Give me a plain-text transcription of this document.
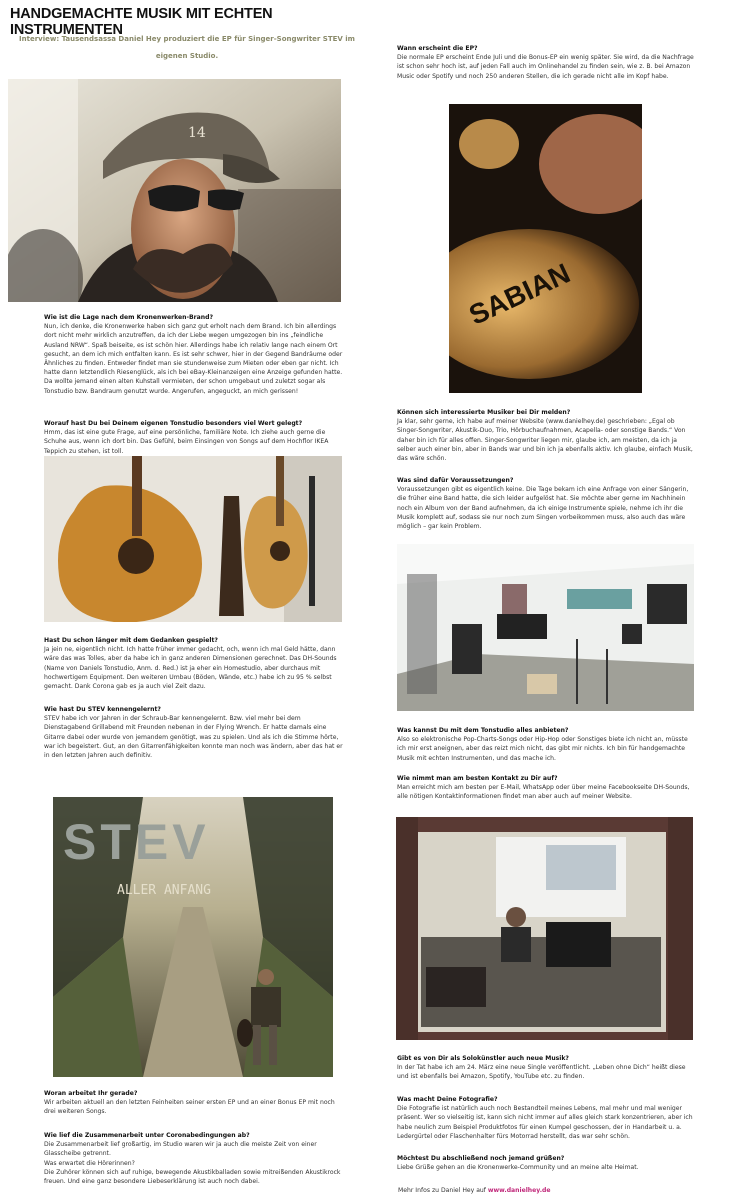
HANDGEMACHTE MUSIK MIT ECHTEN INSTRUMENTEN
Interview: Tausendsassa Daniel Hey produziert die EP für Singer-Songwriter STEV im
eigenen Studio.
14
STEV
ALLER ANFANG
SABIAN
Wie ist die Lage nach dem Kronenwerken-Brand?

Nun, ich denke, die Kronenwerke haben sich ganz gut erholt nach dem Brand. Ich bin allerdings dort nicht mehr wirklich anzutreffen, da ich der Liebe wegen umgezogen bin ins „feindliche Ausland NRW“. Spaß beiseite, es ist schön hier. Allerdings habe ich relativ lange nach einem Ort gesucht, an dem ich mich entfalten kann. Es ist sehr schwer, hier in der Gegend Bandräume oder Ähnliches zu finden. Entweder findet man sie stundenweise zum Mieten oder eben gar nicht. Ich hatte dann letztendlich Riesenglück, als ich bei eBay-Kleinanzeigen eine Anzeige gefunden hatte. Da wollte jemand einen alten Kuhstall vermieten, der schon umgebaut und zuletzt sogar als Tonstudio bzw. Bandraum genutzt wurde. Angerufen, angeguckt, an mich gerissen!

Worauf hast Du bei Deinem eigenen Tonstudio besonders viel Wert gelegt?

Hmm, das ist eine gute Frage, auf eine persönliche, familiäre Note. Ich ziehe auch gerne die Schuhe aus, wenn ich dort bin. Das Gefühl, beim Einsingen von Songs auf dem Hochflor IKEA Teppich zu stehen, ist toll.

Hast Du schon länger mit dem Gedanken gespielt?

Ja jein ne, eigentlich nicht. Ich hatte früher immer gedacht, och, wenn ich mal Geld hätte, dann wäre das was Tolles, aber da habe ich in ganz anderen Dimensionen gerechnet. Das DH-Sounds (Name von Daniels Tonstudio, Anm. d. Red.) ist ja eher ein Homestudio, aber durchaus mit hochwertigem Equipment. Den weiteren Umbau (Böden, Wände, etc.) habe ich zu 95 % selbst gemacht. Dank Corona gab es ja auch viel Zeit dazu.

Wie hast Du STEV kennengelernt?

STEV habe ich vor Jahren in der Schraub-Bar kennengelernt. Bzw. viel mehr bei dem Dienstagabend Grillabend mit Freunden nebenan in der Flying Wrench. Er hatte damals eine Gitarre dabei oder wurde von jemandem genötigt, was zu spielen. Und als ich die Stimme hörte, war ich begeistert. Gut, an den Gitarrenfähigkeiten konnte man noch was ändern, aber das hat er in den letzten Jahren auch definitiv.

Woran arbeitet Ihr gerade?

Wir arbeiten aktuell an den letzten Feinheiten seiner ersten EP und an einer Bonus EP mit noch drei weiteren Songs.

Wie lief die Zusammenarbeit unter Coronabedingungen ab?

Die Zusammenarbeit lief großartig, im Studio waren wir ja auch die meiste Zeit von einer Glasscheibe getrennt.

Was erwartet die Hörerinnen?

Die Zuhörer können sich auf ruhige, bewegende Akustikballaden sowie mitreißenden Akustikrock freuen. Und eine ganz besondere Liebeserklärung ist auch noch dabei.

Wann erscheint die EP?

Die normale EP erscheint Ende Juli und die Bonus-EP ein wenig später. Sie wird, da die Nachfrage ist schon sehr hoch ist, auf jeden Fall auch im Onlinehandel zu finden sein, wie z. B. bei Amazon Music oder Spotify und noch 250 anderen Stellen, die ich gerade nicht alle im Kopf habe.

Können sich interessierte Musiker bei Dir melden?

Ja klar, sehr gerne, ich habe auf meiner Website (www.danielhey.de) geschrieben: „Egal ob Singer-Songwriter, Akustik-Duo, Trio, Hörbuchaufnahmen, Acapella- oder sonstige Bands.“ Von daher bin ich für alles offen. Singer-Songwriter liegen mir, glaube ich, am meisten, da ich ja selber auch einer bin, aber in Bands war und bin ich ja ebenfalls aktiv. Ich glaube, einfach Musik, das wäre schön.

Was sind dafür Voraussetzungen?

Voraussetzungen gibt es eigentlich keine. Die Tage bekam ich eine Anfrage von einer Sängerin, die früher eine Band hatte, die sich leider aufgelöst hat. Sie möchte aber gerne im Nachhinein noch ein Album von der Band aufnehmen, da ich einige Instrumente spiele, nehme ich ihr die Musik komplett auf, sodass sie nur noch zum Singen vorbeikommen muss, also auch das wäre möglich – gar kein Problem.

Was kannst Du mit dem Tonstudio alles anbieten?

Also so elektronische Pop-Charts-Songs oder Hip-Hop oder Sonstiges biete ich nicht an, müsste ich mir erst aneignen, aber das reizt mich nicht, das gibt mir nichts. Ich bin für handgemachte Musik mit echten Instrumenten, und das mache ich.

Wie nimmt man am besten Kontakt zu Dir auf?

Man erreicht mich am besten per E-Mail, WhatsApp oder über meine Facebookseite DH-Sounds, alle nötigen Kontaktinformationen findet man aber auch auf meiner Website.

Gibt es von Dir als Solokünstler auch neue Musik?

In der Tat habe ich am 24. März eine neue Single veröffentlicht. „Leben ohne Dich“ heißt diese und ist ebenfalls bei Amazon, Spotify, YouTube etc. zu finden.

Was macht Deine Fotografie?

Die Fotografie ist natürlich auch noch Bestandteil meines Lebens, mal mehr und mal weniger präsent. Wer so vielseitig ist, kann sich nicht immer auf alles gleich stark konzentrieren, aber ich habe neulich zum Beispiel Produktfotos für einen Kumpel geschossen, der in Handarbeit u. a. Ledergürtel oder Flaschenhalter fürs Motorrad herstellt, das war sehr schön.

Möchtest Du abschließend noch jemand grüßen?

Liebe Grüße gehen an die Kronenwerke-Community und an meine alte Heimat.

Mehr Infos zu Daniel Hey auf www.danielhey.de
